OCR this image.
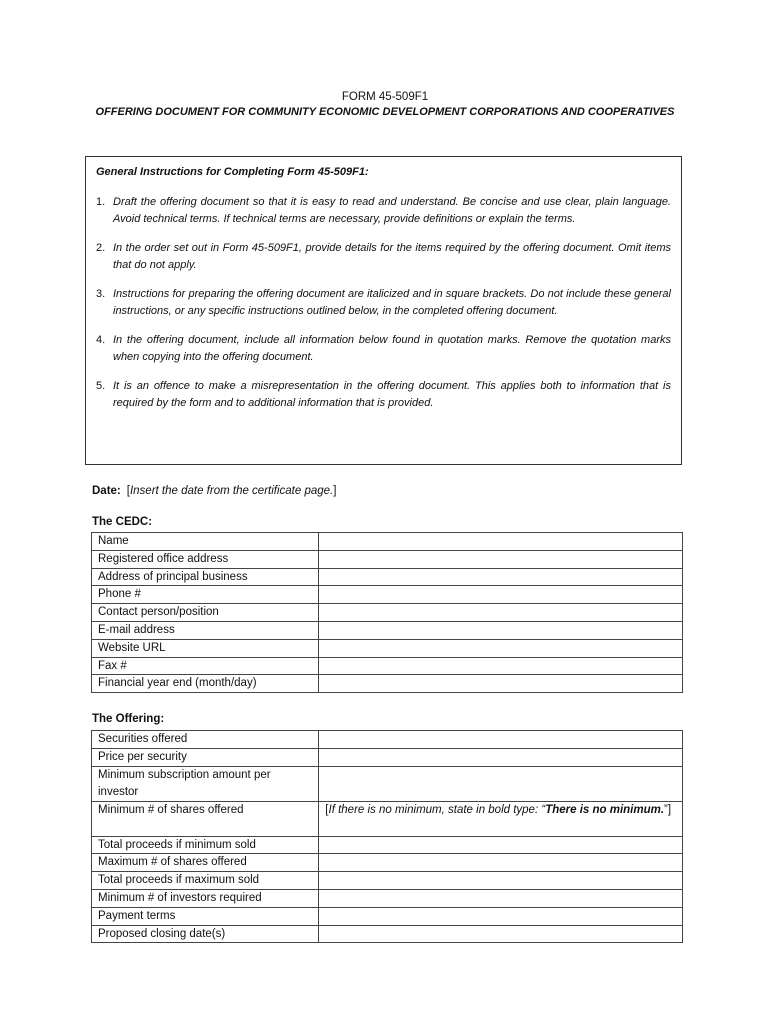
FORM 45-509F1
OFFERING DOCUMENT FOR COMMUNITY ECONOMIC DEVELOPMENT CORPORATIONS AND COOPERATIVES
General Instructions for Completing Form 45-509F1:
1. Draft the offering document so that it is easy to read and understand. Be concise and use clear, plain language. Avoid technical terms. If technical terms are necessary, provide definitions or explain the terms.
2. In the order set out in Form 45-509F1, provide details for the items required by the offering document. Omit items that do not apply.
3. Instructions for preparing the offering document are italicized and in square brackets. Do not include these general instructions, or any specific instructions outlined below, in the completed offering document.
4. In the offering document, include all information below found in quotation marks. Remove the quotation marks when copying into the offering document.
5. It is an offence to make a misrepresentation in the offering document. This applies both to information that is required by the form and to additional information that is provided.
Date: [Insert the date from the certificate page.]
The CEDC:
Name	
Registered office address	
Address of principal business	
Phone #	
Contact person/position	
E-mail address	
Website URL	
Fax #	
Financial year end (month/day)	
The Offering:
Securities offered	
Price per security	
Minimum subscription amount per investor	
Minimum # of shares offered	[If there is no minimum, state in bold type: “There is no minimum.”]
Total proceeds if minimum sold	
Maximum # of shares offered	
Total proceeds if maximum sold	
Minimum # of investors required	
Payment terms	
Proposed closing date(s)	
